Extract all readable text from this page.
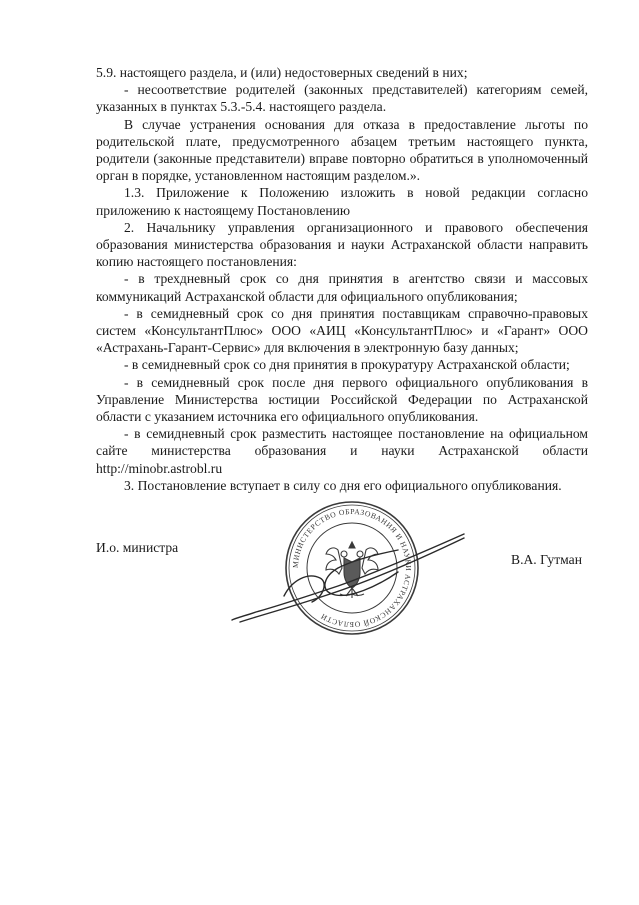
5.9. настоящего раздела, и (или) недостоверных сведений в них;

- несоответствие родителей (законных представителей) категориям семей, указанных в пунктах 5.3.-5.4. настоящего раздела.

В случае устранения основания для отказа в предоставление льготы по родительской плате, предусмотренного абзацем третьим настоящего пункта, родители (законные представители) вправе повторно обратиться в уполномоченный орган в порядке, установленном настоящим разделом.».

1.3. Приложение к Положению изложить в новой редакции согласно приложению к настоящему Постановлению

2. Начальнику управления организационного и правового обеспечения образования министерства образования и науки Астраханской области направить копию настоящего постановления:

- в трехдневный срок со дня принятия в агентство связи и массовых коммуникаций Астраханской области для официального опубликования;

- в семидневный срок со дня принятия поставщикам справочно-правовых систем «КонсультантПлюс» ООО «АИЦ «КонсультантПлюс» и «Гарант» ООО «Астрахань-Гарант-Сервис» для включения в электронную базу данных;

- в семидневный срок со дня принятия в прокуратуру Астраханской области;

- в семидневный срок после дня первого официального опубликования в Управление Министерства юстиции Российской Федерации по Астраханской области с указанием источника его официального опубликования.

- в семидневный срок разместить настоящее постановление на официальном сайте министерства образования и науки Астраханской области http://minobr.astrobl.ru

3. Постановление вступает в силу со дня его официального опубликования.

И.о. министра
В.А. Гутман
МИНИСТЕРСТВО ОБРАЗОВАНИЯ И НАУКИ АСТРАХАНСКОЙ ОБЛАСТИ
